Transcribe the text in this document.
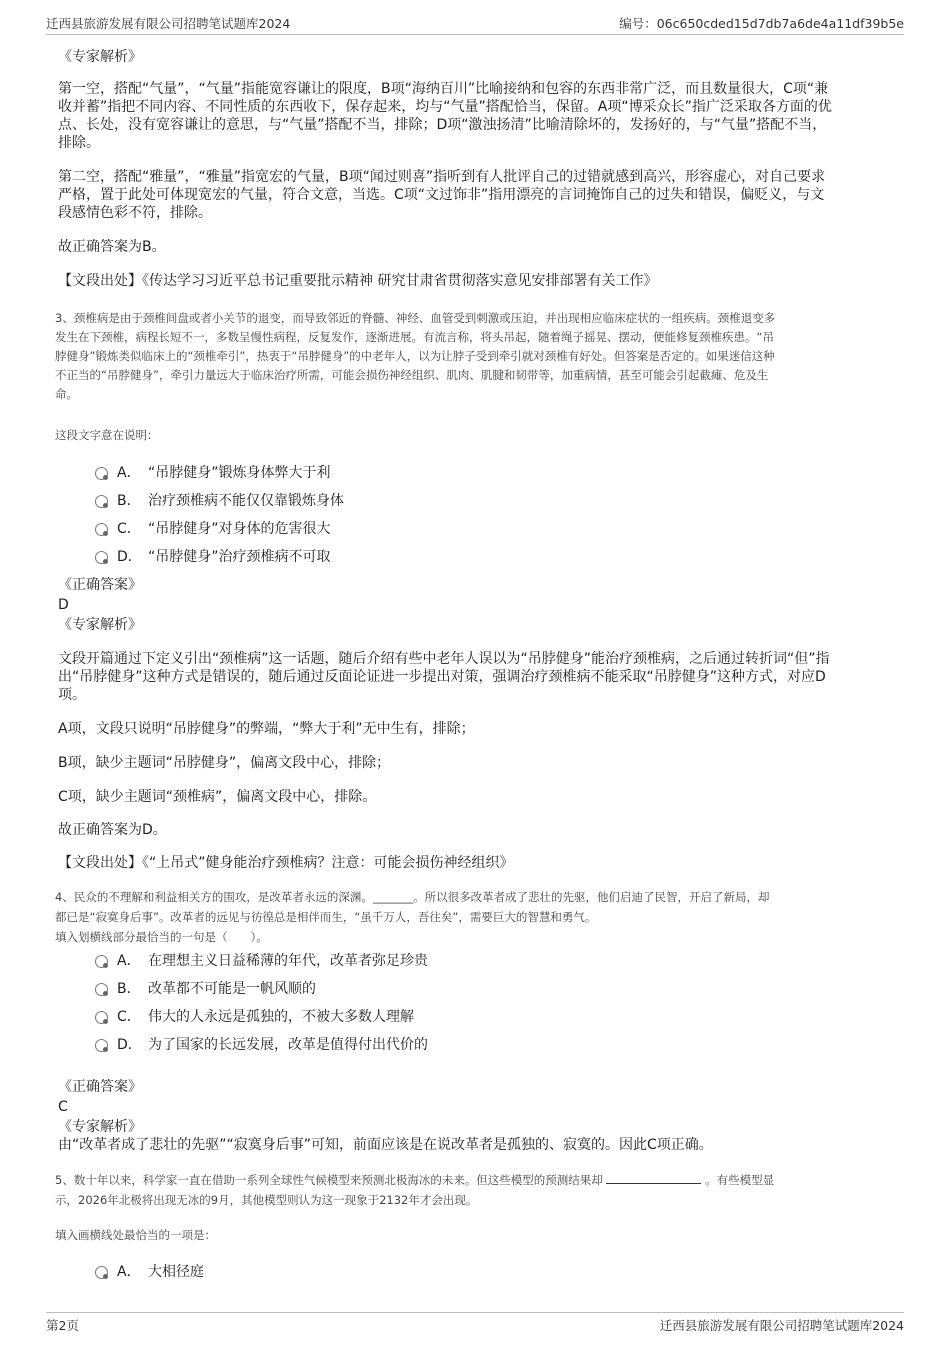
迁西县旅游发展有限公司招聘笔试题库2024	编号：06c650cded15d7db7a6de4a11df39b5e
《专家解析》
第一空，搭配“气量”，“气量”指能宽容谦让的限度，B项“海纳百川”比喻接纳和包容的东西非常广泛，而且数量很大，C项“兼
收并蓄”指把不同内容、不同性质的东西收下，保存起来，均与“气量”搭配恰当，保留。A项“博采众长”指广泛采取各方面的优
点、长处，没有宽容谦让的意思，与“气量”搭配不当，排除；D项“激浊扬清”比喻清除坏的，发扬好的，与“气量”搭配不当，
排除。
第二空，搭配“雅量”，“雅量”指宽宏的气量，B项“闻过则喜”指听到有人批评自己的过错就感到高兴，形容虚心，对自己要求
严格，置于此处可体现宽宏的气量，符合文意，当选。C项“文过饰非”指用漂亮的言词掩饰自己的过失和错误，偏贬义，与文
段感情色彩不符，排除。
故正确答案为B。
【文段出处】《传达学习习近平总书记重要批示精神 研究甘肃省贯彻落实意见安排部署有关工作》
3、颈椎病是由于颈椎间盘或者小关节的退变，而导致邻近的脊髓、神经、血管受到刺激或压迫，并出现相应临床症状的一组疾病。颈椎退变多
发生在下颈椎，病程长短不一，多数呈慢性病程，反复发作，逐渐进展。有流言称，将头吊起，随着绳子摇晃、摆动，便能修复颈椎疾患。“吊
脖健身”锻炼类似临床上的“颈椎牵引”，热衷于“吊脖健身”的中老年人，以为让脖子受到牵引就对颈椎有好处。但答案是否定的。如果迷信这种
不正当的“吊脖健身”，牵引力量远大于临床治疗所需，可能会损伤神经组织、肌肉、肌腱和韧带等，加重病情，甚至可能会引起截瘫、危及生
命。
这段文字意在说明：
A． “吊脖健身”锻炼身体弊大于利
B． 治疗颈椎病不能仅仅靠锻炼身体
C． “吊脖健身”对身体的危害很大
D． “吊脖健身”治疗颈椎病不可取
《正确答案》
D
《专家解析》
文段开篇通过下定义引出“颈椎病”这一话题，随后介绍有些中老年人误以为“吊脖健身”能治疗颈椎病，之后通过转折词“但”指
出“吊脖健身”这种方式是错误的，随后通过反面论证进一步提出对策，强调治疗颈椎病不能采取“吊脖健身”这种方式，对应D
项。
A项，文段只说明“吊脖健身”的弊端，“弊大于利”无中生有，排除；
B项，缺少主题词“吊脖健身”，偏离文段中心，排除；
C项，缺少主题词“颈椎病”，偏离文段中心，排除。
故正确答案为D。
【文段出处】《“上吊式”健身能治疗颈椎病？注意：可能会损伤神经组织》
4、民众的不理解和利益相关方的围攻，是改革者永远的深渊。_______。所以很多改革者成了悲壮的先驱，他们启迪了民智，开启了新局，却
都已是“寂寞身后事”。改革者的远见与彷徨总是相伴而生，“虽千万人，吾往矣”，需要巨大的智慧和勇气。
填入划横线部分最恰当的一句是（　　）。
A． 在理想主义日益稀薄的年代，改革者弥足珍贵
B． 改革都不可能是一帆风顺的
C． 伟大的人永远是孤独的，不被大多数人理解
D． 为了国家的长远发展，改革是值得付出代价的
《正确答案》
C
《专家解析》
由“改革者成了悲壮的先驱”“寂寞身后事”可知，前面应该是在说改革者是孤独的、寂寞的。因此C项正确。
5、数十年以来，科学家一直在借助一系列全球性气候模型来预测北极海冰的未来。但这些模型的预测结果却	。有些模型显
示，2026年北极将出现无冰的9月，其他模型则认为这一现象于2132年才会出现。
填入画横线处最恰当的一项是：
A． 大相径庭
第2页	迁西县旅游发展有限公司招聘笔试题库2024
